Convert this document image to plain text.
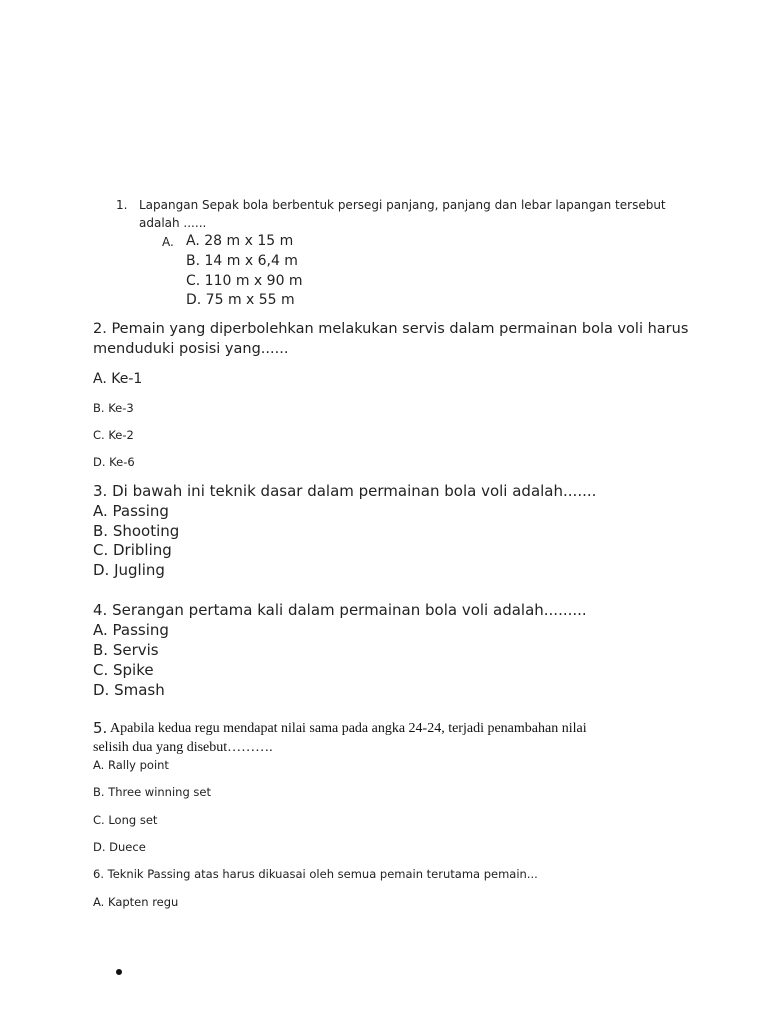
1. Lapangan Sepak bola berbentuk persegi panjang, panjang dan lebar lapangan tersebut
adalah ......
A. A. 28 m x 15 m
B. 14 m x 6,4 m
C. 110 m x 90 m
D. 75 m x 55 m
2. Pemain yang diperbolehkan melakukan servis dalam permainan bola voli harus
menduduki posisi yang......
A. Ke-1
B. Ke-3
C. Ke-2
D. Ke-6
3. Di bawah ini teknik dasar dalam permainan bola voli adalah.......
A. Passing
B. Shooting
C. Dribling
D. Jugling
4. Serangan pertama kali dalam permainan bola voli adalah.........
A. Passing
B. Servis
C. Spike
D. Smash
5. Apabila kedua regu mendapat nilai sama pada angka 24-24, terjadi penambahan nilai
selisih dua yang disebut……….
A. Rally point
B. Three winning set
C. Long set
D. Duece
6. Teknik Passing atas harus dikuasai oleh semua pemain terutama pemain...
A. Kapten regu
